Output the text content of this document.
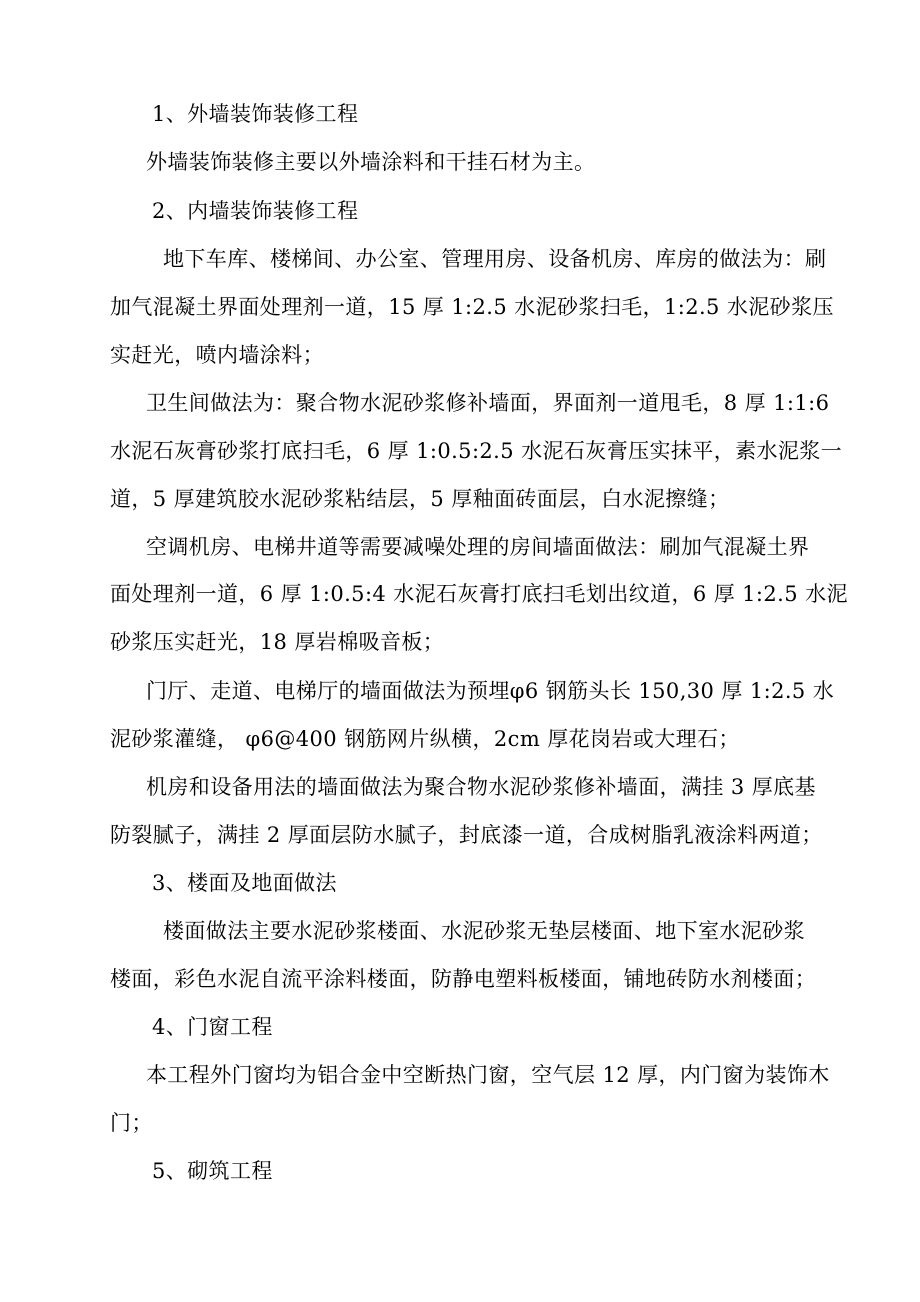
1、外墙装饰装修工程
外墙装饰装修主要以外墙涂料和干挂石材为主。
2、内墙装饰装修工程
地下车库、楼梯间、办公室、管理用房、设备机房、库房的做法为：刷
加气混凝土界面处理剂一道，15 厚 1:2.5 水泥砂浆扫毛，1:2.5 水泥砂浆压
实赶光，喷内墙涂料；
卫生间做法为：聚合物水泥砂浆修补墙面，界面剂一道甩毛，8 厚 1:1:6
水泥石灰膏砂浆打底扫毛，6 厚 1:0.5:2.5 水泥石灰膏压实抹平，素水泥浆一
道，5 厚建筑胶水泥砂浆粘结层，5 厚釉面砖面层，白水泥擦缝；
空调机房、电梯井道等需要减噪处理的房间墙面做法：刷加气混凝土界
面处理剂一道，6 厚 1:0.5:4 水泥石灰膏打底扫毛划出纹道，6 厚 1:2.5 水泥
砂浆压实赶光，18 厚岩棉吸音板；
门厅、走道、电梯厅的墙面做法为预埋φ6 钢筋头长 150,30 厚 1:2.5 水
泥砂浆灌缝， φ6@400 钢筋网片纵横，2cm 厚花岗岩或大理石；
机房和设备用法的墙面做法为聚合物水泥砂浆修补墙面，满挂 3 厚底基
防裂腻子，满挂 2 厚面层防水腻子，封底漆一道，合成树脂乳液涂料两道；
3、楼面及地面做法
楼面做法主要水泥砂浆楼面、水泥砂浆无垫层楼面、地下室水泥砂浆
楼面，彩色水泥自流平涂料楼面，防静电塑料板楼面，铺地砖防水剂楼面；
4、门窗工程
本工程外门窗均为铝合金中空断热门窗，空气层 12 厚，内门窗为装饰木
门；
5、砌筑工程
